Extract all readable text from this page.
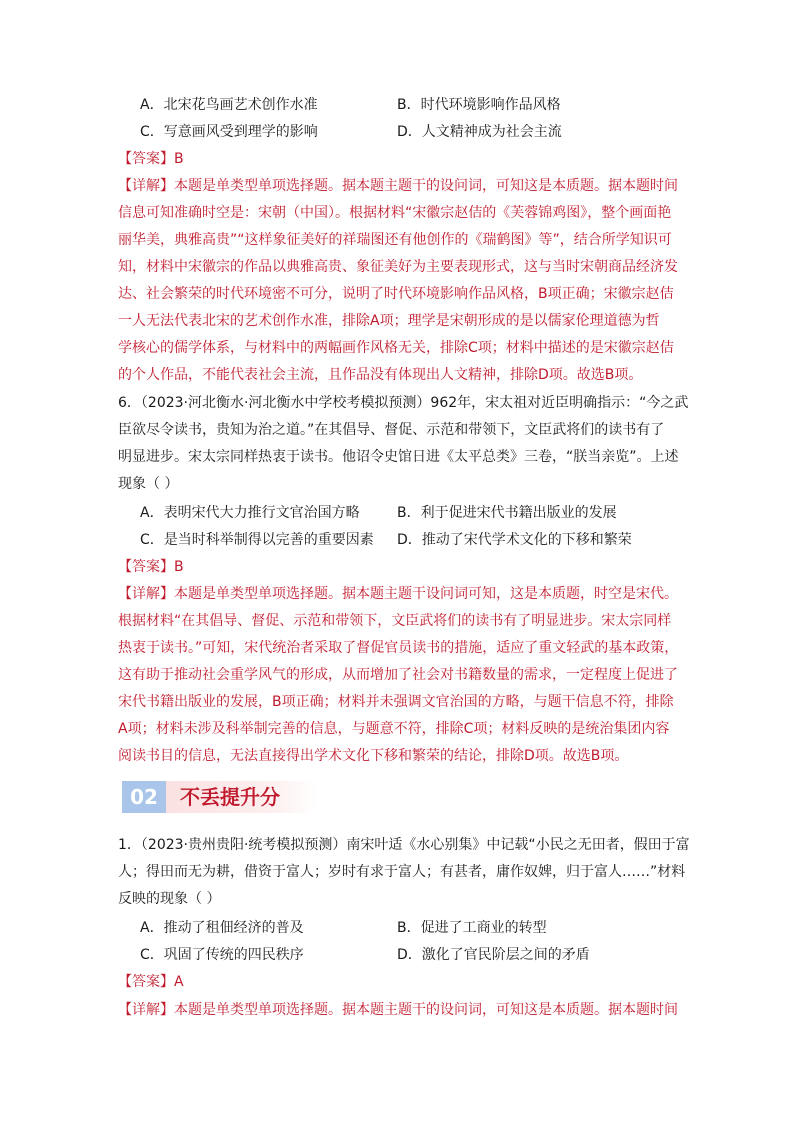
A．北宋花鸟画艺术创作水准	B．时代环境影响作品风格
C．写意画风受到理学的影响	D．人文精神成为社会主流
【答案】B
【详解】本题是单类型单项选择题。据本题主题干的设问词，可知这是本质题。据本题时间
信息可知准确时空是：宋朝（中国）。根据材料“宋徽宗赵佶的《芙蓉锦鸡图》，整个画面艳
丽华美，典雅高贵”“这样象征美好的祥瑞图还有他创作的《瑞鹤图》等”，结合所学知识可
知，材料中宋徽宗的作品以典雅高贵、象征美好为主要表现形式，这与当时宋朝商品经济发
达、社会繁荣的时代环境密不可分，说明了时代环境影响作品风格，B项正确；宋徽宗赵佶
一人无法代表北宋的艺术创作水准，排除A项；理学是宋朝形成的是以儒家伦理道德为哲
学核心的儒学体系，与材料中的两幅画作风格无关，排除C项；材料中描述的是宋徽宗赵佶
的个人作品，不能代表社会主流，且作品没有体现出人文精神，排除D项。故选B项。
6．（2023·河北衡水·河北衡水中学校考模拟预测）962年，宋太祖对近臣明确指示：“今之武
臣欲尽令读书，贵知为治之道。”在其倡导、督促、示范和带领下，文臣武将们的读书有了
明显进步。宋太宗同样热衷于读书。他诏令史馆日进《太平总类》三卷，“朕当亲览”。上述
现象（ ）
A．表明宋代大力推行文官治国方略	B．利于促进宋代书籍出版业的发展
C．是当时科举制得以完善的重要因素 D．推动了宋代学术文化的下移和繁荣
【答案】B
【详解】本题是单类型单项选择题。据本题主题干设问词可知，这是本质题，时空是宋代。
根据材料“在其倡导、督促、示范和带领下，文臣武将们的读书有了明显进步。宋太宗同样
热衷于读书。”可知，宋代统治者采取了督促官员读书的措施，适应了重文轻武的基本政策，
这有助于推动社会重学风气的形成，从而增加了社会对书籍数量的需求，一定程度上促进了
宋代书籍出版业的发展，B项正确；材料并未强调文官治国的方略，与题干信息不符，排除
A项；材料未涉及科举制完善的信息，与题意不符，排除C项；材料反映的是统治集团内容
阅读书目的信息，无法直接得出学术文化下移和繁荣的结论，排除D项。故选B项。
02	不丢提升分
1．（2023·贵州贵阳·统考模拟预测）南宋叶适《水心别集》中记载“小民之无田者，假田于富
人；得田而无为耕，借资于富人；岁时有求于富人；有甚者，庸作奴婢，归于富人……”材料
反映的现象（ ）
A．推动了租佃经济的普及	B．促进了工商业的转型
C．巩固了传统的四民秩序	D．激化了官民阶层之间的矛盾
【答案】A
【详解】本题是单类型单项选择题。据本题主题干的设问词，可知这是本质题。据本题时间
